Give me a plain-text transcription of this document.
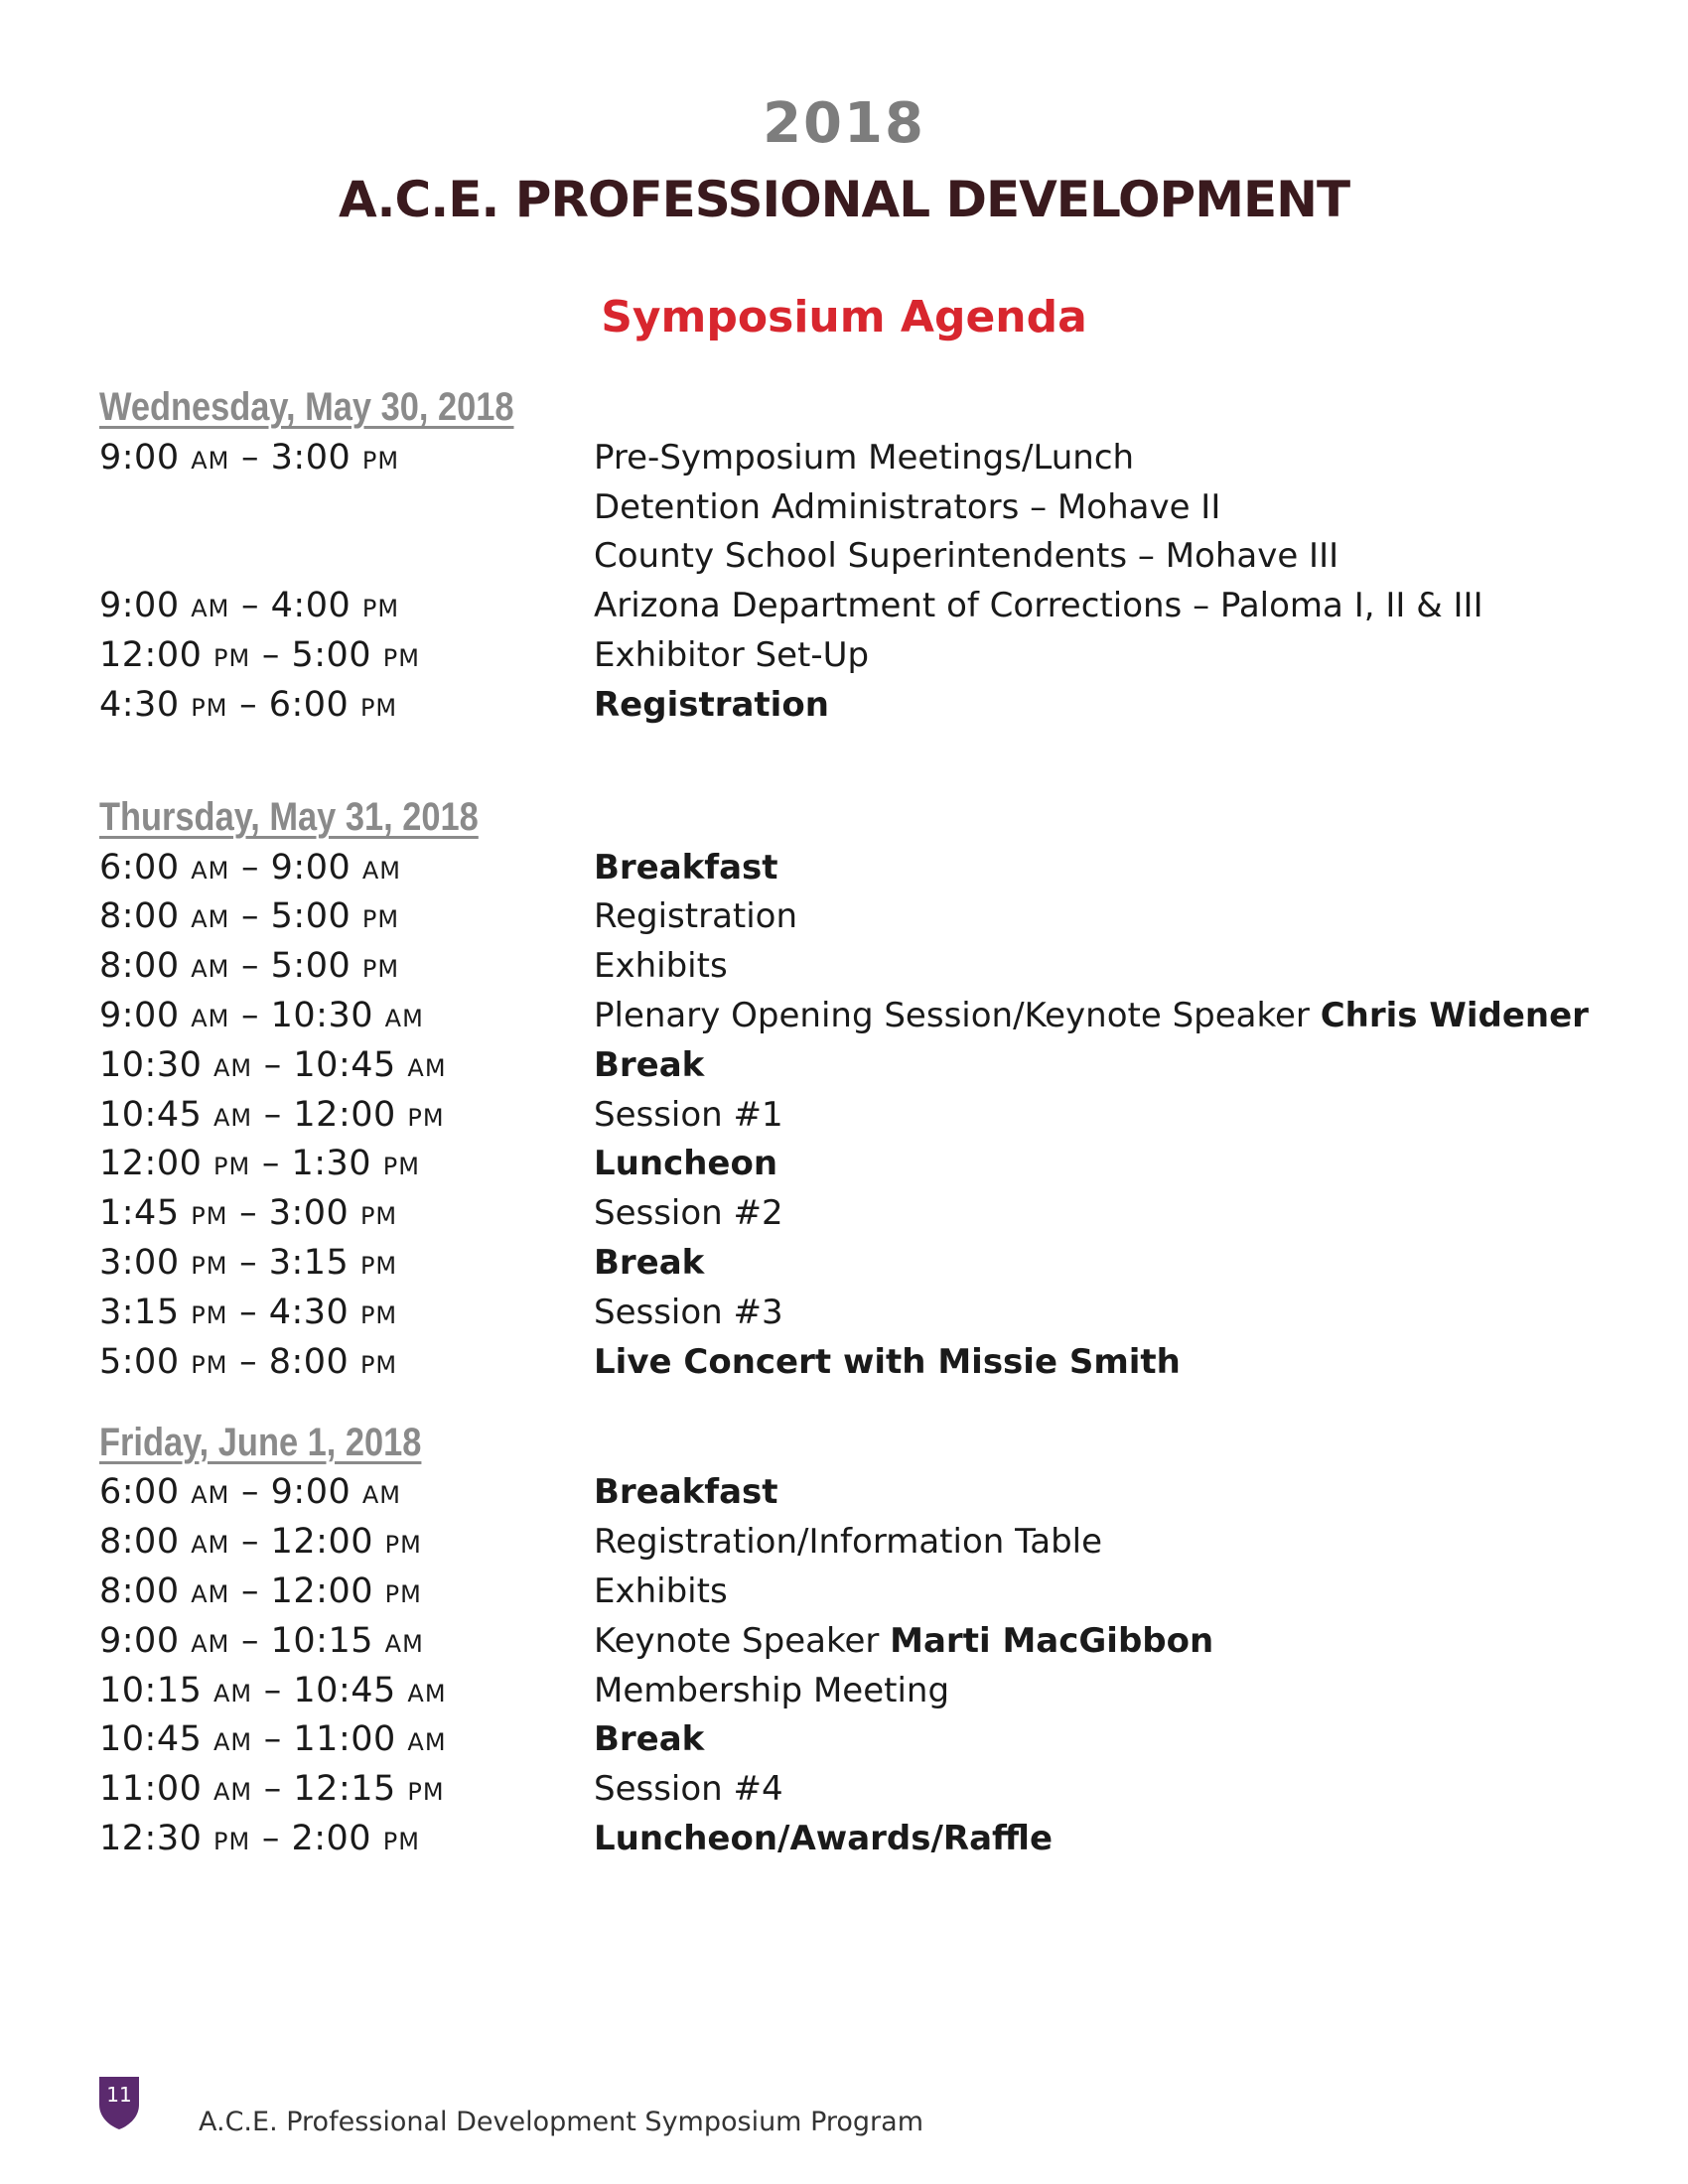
2018
A.C.E. PROFESSIONAL DEVELOPMENT
Symposium Agenda
Wednesday, May 30, 2018
9:00 AM – 3:00 PM	Pre-Symposium Meetings/Lunch
Detention Administrators – Mohave II
County School Superintendents – Mohave III
9:00 AM – 4:00 PM	Arizona Department of Corrections – Paloma I, II & III
12:00 PM – 5:00 PM	Exhibitor Set-Up
4:30 PM – 6:00 PM	Registration
Thursday, May 31, 2018
6:00 AM – 9:00 AM	Breakfast
8:00 AM – 5:00 PM	Registration
8:00 AM – 5:00 PM	Exhibits
9:00 AM – 10:30 AM	Plenary Opening Session/Keynote Speaker Chris Widener
10:30 AM – 10:45 AM	Break
10:45 AM – 12:00 PM	Session #1
12:00 PM – 1:30 PM	Luncheon
1:45 PM – 3:00 PM	Session #2
3:00 PM – 3:15 PM	Break
3:15 PM – 4:30 PM	Session #3
5:00 PM – 8:00 PM	Live Concert with Missie Smith
Friday, June 1, 2018
6:00 AM – 9:00 AM	Breakfast
8:00 AM – 12:00 PM	Registration/Information Table
8:00 AM – 12:00 PM	Exhibits
9:00 AM – 10:15 AM	Keynote Speaker Marti MacGibbon
10:15 AM – 10:45 AM	Membership Meeting
10:45 AM – 11:00 AM	Break
11:00 AM – 12:15 PM	Session #4
12:30 PM – 2:00 PM	Luncheon/Awards/Raffle
11
A.C.E. Professional Development Symposium Program
